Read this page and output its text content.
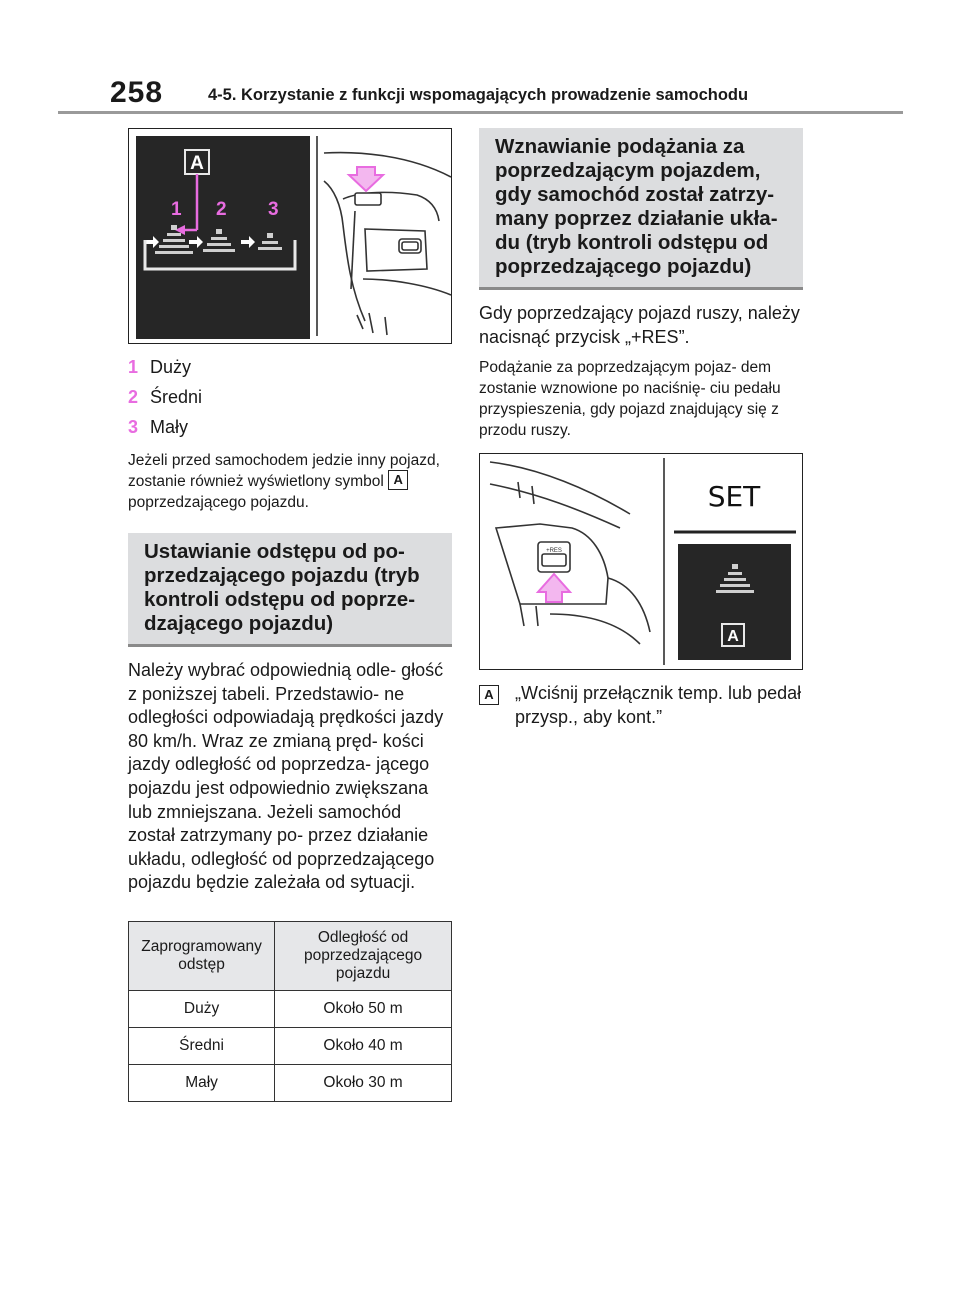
258	4-5. Korzystanie z funkcji wspomagających prowadzenie samochodu
A
1 2 3
1 Duży
2 Średni
3 Mały

Jeżeli przed samochodem jedzie inny pojazd, zostanie również wyświetlony symbol A poprzedzającego pojazdu.

Ustawianie odstępu od po- przedzającego pojazdu (tryb kontroli odstępu od poprze- dzającego pojazdu)

Należy wybrać odpowiednią odle- głość z poniższej tabeli. Przedstawio- ne odległości odpowiadają prędkości jazdy 80 km/h. Wraz ze zmianą pręd- kości jazdy odległość od poprzedza- jącego pojazdu jest odpowiednio zwiększana lub zmniejszana. Jeżeli samochód został zatrzymany po- przez działanie układu, odległość od poprzedzającego pojazdu będzie zależała od sytuacji.

Zaprogramowany odstęp	Odległość od poprzedzającego pojazdu
Duży	Około 50 m
Średni	Około 40 m
Mały	Około 30 m
Wznawianie podążania za poprzedzającym pojazdem, gdy samochód został zatrzy- many poprzez działanie ukła- du (tryb kontroli odstępu od poprzedzającego pojazdu)

Gdy poprzedzający pojazd ruszy, należy nacisnąć przycisk „+RES”.

Podążanie za poprzedzającym pojaz- dem zostanie wznowione po naciśnię- ciu pedału przyspieszenia, gdy pojazd znajdujący się z przodu ruszy.

+RES
SET
A
A „Wciśnij przełącznik temp. lub pedał przysp., aby kont.”
